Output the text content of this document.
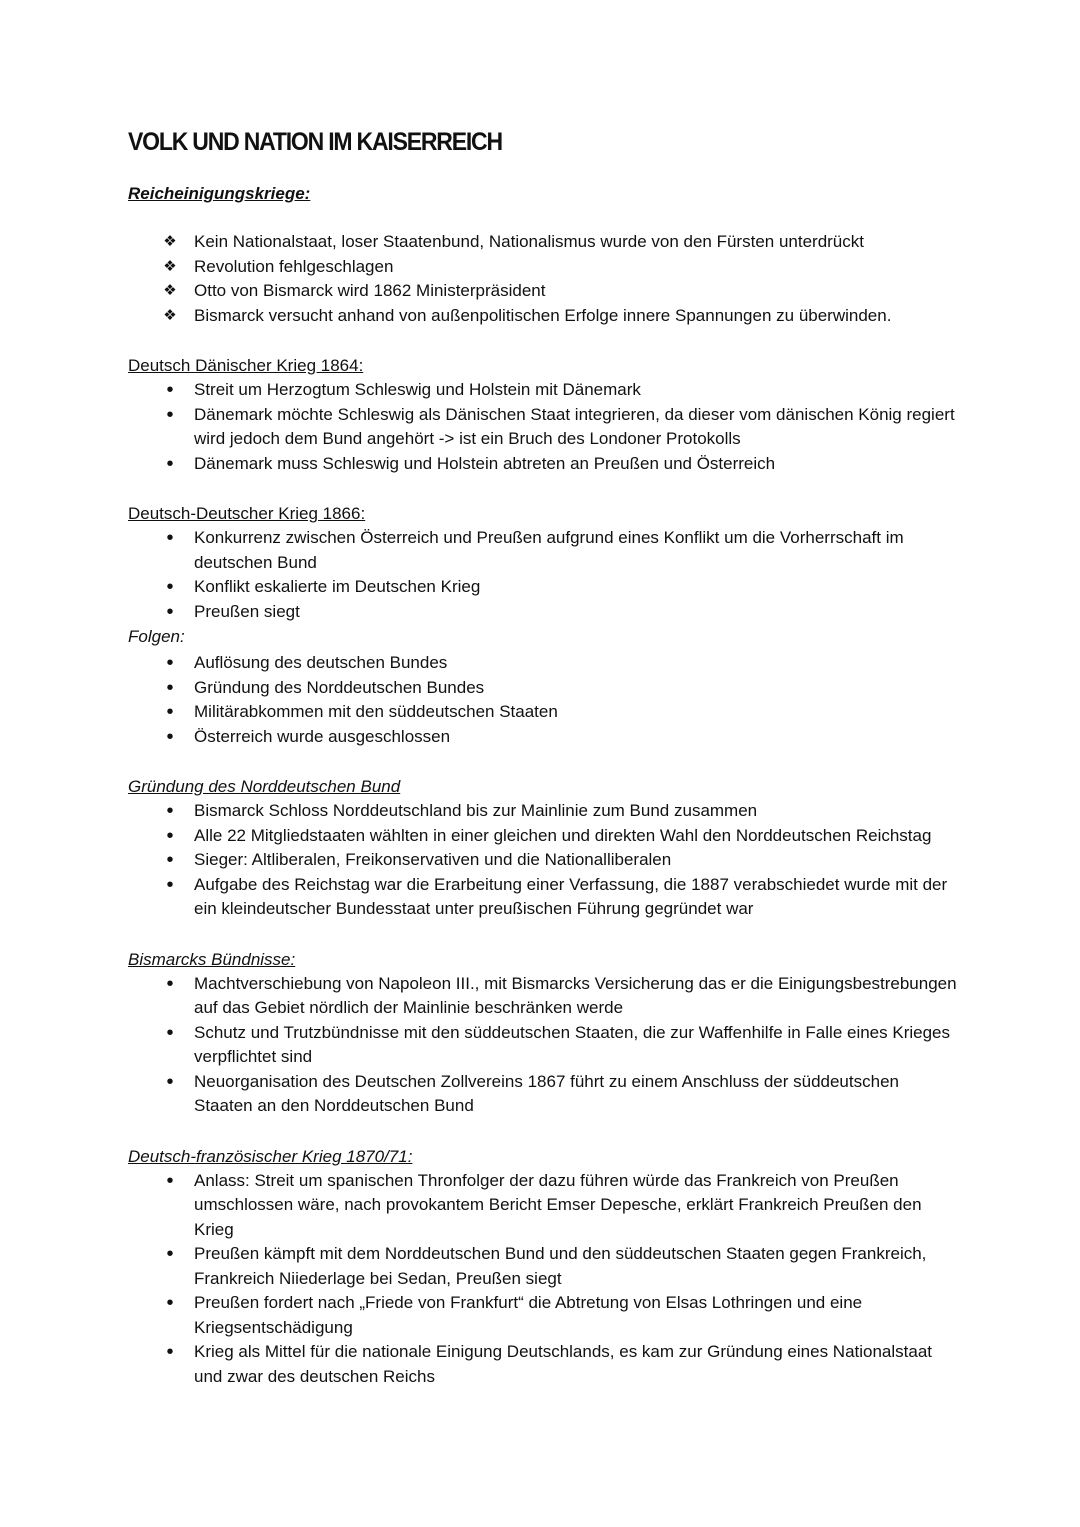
VOLK UND NATION IM KAISERREICH

Reicheinigungskriege:

❖ Kein Nationalstaat, loser Staatenbund, Nationalismus wurde von den Fürsten unterdrückt
❖ Revolution fehlgeschlagen
❖ Otto von Bismarck wird 1862 Ministerpräsident
❖ Bismarck versucht anhand von außenpolitischen Erfolge innere Spannungen zu überwinden.

Deutsch Dänischer Krieg 1864:

•	Streit um Herzogtum Schleswig und Holstein mit Dänemark
•	Dänemark möchte Schleswig als Dänischen Staat integrieren, da dieser vom dänischen König regiert wird jedoch dem Bund angehört -> ist ein Bruch des Londoner Protokolls
•	Dänemark muss Schleswig und Holstein abtreten an Preußen und Österreich

Deutsch-Deutscher Krieg 1866:

•	Konkurrenz zwischen Österreich und Preußen aufgrund eines Konflikt um die Vorherrschaft im deutschen Bund
•	Konflikt eskalierte im Deutschen Krieg
•	Preußen siegt

Folgen:

•	Auflösung des deutschen Bundes
•	Gründung des Norddeutschen Bundes
•	Militärabkommen mit den süddeutschen Staaten
•	Österreich wurde ausgeschlossen

Gründung des Norddeutschen Bund

•	Bismarck Schloss Norddeutschland bis zur Mainlinie zum Bund zusammen
•	Alle 22 Mitgliedstaaten wählten in einer gleichen und direkten Wahl den Norddeutschen Reichstag
•	Sieger: Altliberalen, Freikonservativen und die Nationalliberalen
•	Aufgabe des Reichstag war die Erarbeitung einer Verfassung, die 1887 verabschiedet wurde mit der ein kleindeutscher Bundesstaat unter preußischen Führung gegründet war

Bismarcks Bündnisse:

•	Machtverschiebung von Napoleon III., mit Bismarcks Versicherung das er die Einigungsbestrebungen auf das Gebiet nördlich der Mainlinie beschränken werde
•	Schutz und Trutzbündnisse mit den süddeutschen Staaten, die zur Waffenhilfe in Falle eines Krieges verpflichtet sind
•	Neuorganisation des Deutschen Zollvereins 1867 führt zu einem Anschluss der süddeutschen Staaten an den Norddeutschen Bund

Deutsch-französischer Krieg 1870/71:

•	Anlass: Streit um spanischen Thronfolger der dazu führen würde das Frankreich von Preußen umschlossen wäre, nach provokantem Bericht Emser Depesche, erklärt Frankreich Preußen den Krieg
•	Preußen kämpft mit dem Norddeutschen Bund und den süddeutschen Staaten gegen Frankreich, Frankreich Niiederlage bei Sedan, Preußen siegt
•	Preußen fordert nach „Friede von Frankfurt“ die Abtretung von Elsas Lothringen und eine Kriegsentschädigung
•	Krieg als Mittel für die nationale Einigung Deutschlands, es kam zur Gründung eines Nationalstaat und zwar des deutschen Reichs
